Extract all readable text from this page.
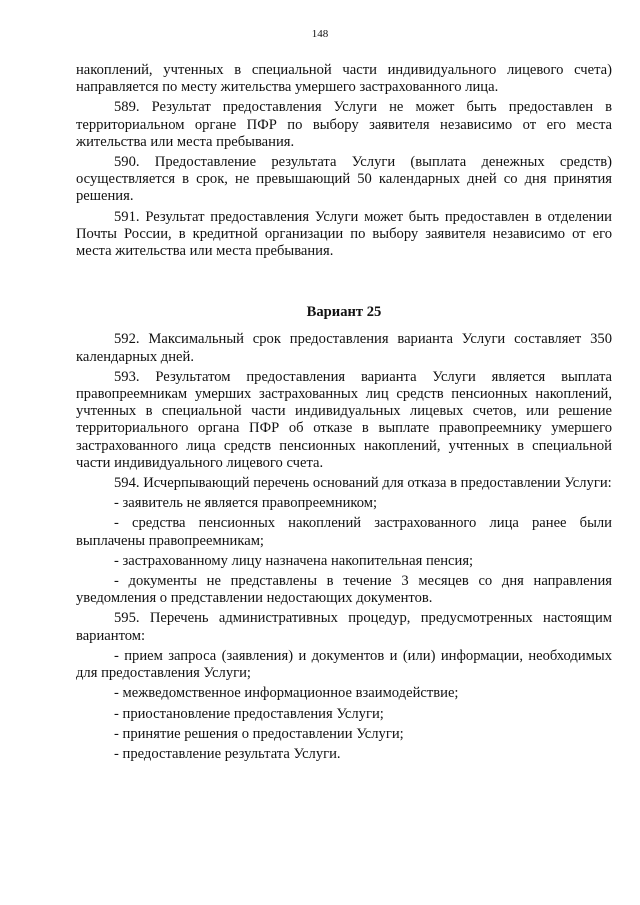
148

накоплений, учтенных в специальной части индивидуального лицевого счета) направляется по месту жительства умершего застрахованного лица.

589. Результат предоставления Услуги не может быть предоставлен в территориальном органе ПФР по выбору заявителя независимо от его места жительства или места пребывания.

590. Предоставление результата Услуги (выплата денежных средств) осуществляется в срок, не превышающий 50 календарных дней со дня принятия решения.

591. Результат предоставления Услуги может быть предоставлен в отделении Почты России, в кредитной организации по выбору заявителя независимо от его места жительства или места пребывания.

Вариант 25

592. Максимальный срок предоставления варианта Услуги составляет 350 календарных дней.

593. Результатом предоставления варианта Услуги является выплата правопреемникам умерших застрахованных лиц средств пенсионных накоплений, учтенных в специальной части индивидуальных лицевых счетов, или решение территориального органа ПФР об отказе в выплате правопреемнику умершего застрахованного лица средств пенсионных накоплений, учтенных в специальной части индивидуального лицевого счета.

594. Исчерпывающий перечень оснований для отказа в предоставлении Услуги:

- заявитель не является правопреемником;

- средства пенсионных накоплений застрахованного лица ранее были выплачены правопреемникам;

- застрахованному лицу назначена накопительная пенсия;

- документы не представлены в течение 3 месяцев со дня направления уведомления о представлении недостающих документов.

595. Перечень административных процедур, предусмотренных настоящим вариантом:

- прием запроса (заявления) и документов и (или) информации, необходимых для предоставления Услуги;

- межведомственное информационное взаимодействие;

- приостановление предоставления Услуги;

- принятие решения о предоставлении Услуги;

- предоставление результата Услуги.
